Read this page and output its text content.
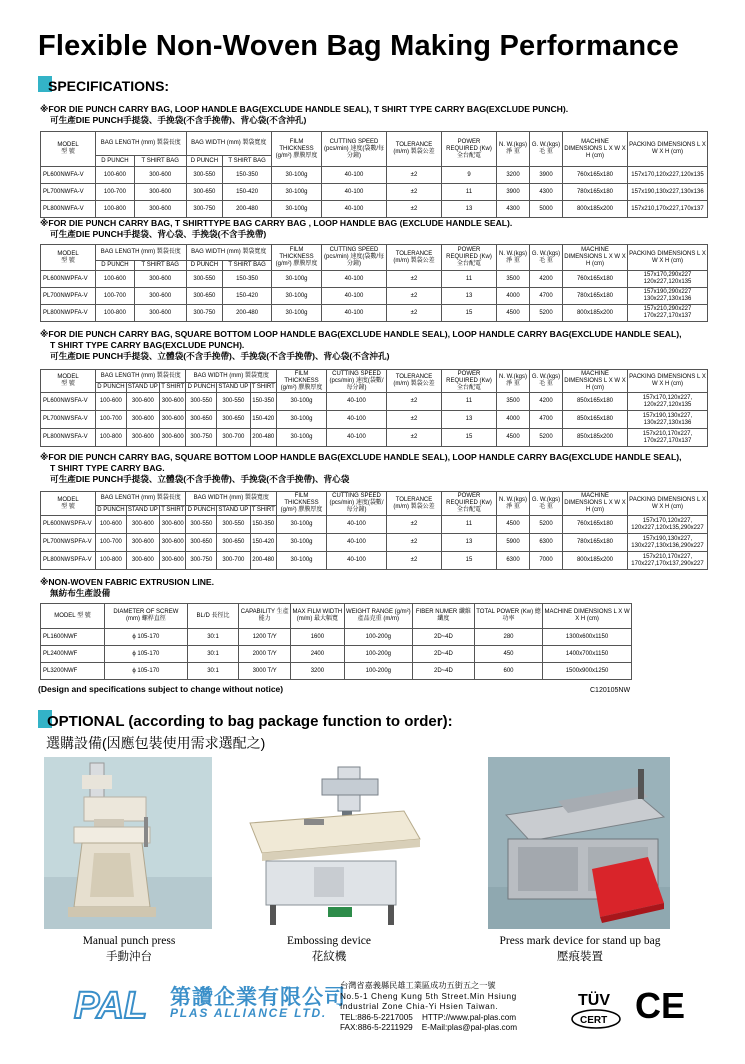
Flexible Non-Woven Bag Making Performance
SPECIFICATIONS:
※FOR DIE PUNCH CARRY BAG, LOOP HANDLE BAG(EXCLUDE HANDLE SEAL), T SHIRT TYPE CARRY BAG(EXCLUDE PUNCH).
可生產DIE PUNCH手提袋、手挽袋(不含手挽帶)、背心袋(不含沖孔)
MODEL
型 號	BAG LENGTH (mm) 製袋長度		BAG WIDTH (mm) 製袋寬度		FILM THICKNESS (g/m²) 膠膜厚度	CUTTING SPEED (pcs/min) 速度(袋數/每分鐘)	TOLERANCE (m/m) 製袋公差	POWER REQUIRED (Kw) 全台配電	N. W.(kgs) 淨 重	G. W.(kgs) 毛 重	MACHINE DIMENSIONS L X W X H (cm)	PACKING DIMENSIONS L X W X H (cm)
	D PUNCH	T SHIRT BAG	D PUNCH	T SHIRT BAG								
PL600NWFA-V	100-600	300-600	300-550	150-350	30-100g	40-100	±2	9	3200	3900	760x165x180	157x170,120x227,120x135
PL700NWFA-V	100-700	300-600	300-650	150-420	30-100g	40-100	±2	11	3900	4300	780x165x180	157x190,130x227,130x136
PL800NWFA-V	100-800	300-600	300-750	200-480	30-100g	40-100	±2	13	4300	5000	800x185x200	157x210,170x227,170x137
※FOR DIE PUNCH CARRY BAG, T SHIRTTYPE BAG CARRY BAG , LOOP HANDLE BAG (EXCLUDE HANDLE SEAL).
可生產DIE PUNCH手提袋、背心袋、手挽袋(不含手挽帶)
MODEL
型 號	BAG LENGTH (mm) 製袋長度		BAG WIDTH (mm) 製袋寬度		FILM THICKNESS (g/m²) 膠膜厚度	CUTTING SPEED (pcs/min) 速度(袋數/每分鐘)	TOLERANCE (m/m) 製袋公差	POWER REQUIRED (Kw) 全台配電	N. W.(kgs) 淨 重	G. W.(kgs) 毛 重	MACHINE DIMENSIONS L X W X H (cm)	PACKING DIMENSIONS L X W X H (cm)
	D PUNCH	T SHIRT BAG	D PUNCH	T SHIRT BAG								
PL600NWPFA-V	100-600	300-600	300-550	150-350	30-100g	40-100	±2	11	3500	4200	760x165x180	157x170,290x227 120x227,120x135
PL700NWPFA-V	100-700	300-600	300-650	150-420	30-100g	40-100	±2	13	4000	4700	780x165x180	157x190,290x227 130x227,130x136
PL800NWPFA-V	100-800	300-600	300-750	200-480	30-100g	40-100	±2	15	4500	5200	800x185x200	157x210,290x227 170x227,170x137
※FOR DIE PUNCH CARRY BAG, SQUARE BOTTOM LOOP HANDLE BAG(EXCLUDE HANDLE SEAL), LOOP HANDLE CARRY BAG(EXCLUDE HANDLE SEAL),
T SHIRT TYPE CARRY BAG(EXCLUDE PUNCH).
可生產DIE PUNCH手提袋、立體袋(不含手挽帶)、手挽袋(不含手挽帶)、背心袋(不含沖孔)
MODEL
型 號	BAG LENGTH (mm) 製袋長度			BAG WIDTH (mm) 製袋寬度			FILM THICKNESS (g/m²) 膠膜厚度	CUTTING SPEED (pcs/min) 速度(袋數/每分鐘)	TOLERANCE (m/m) 製袋公差	POWER REQUIRED (Kw) 全台配電	N. W.(kgs) 淨 重	G. W.(kgs) 毛 重	MACHINE DIMENSIONS L X W X H (cm)	PACKING DIMENSIONS L X W X H (cm)
	D PUNCH	STAND UP	T SHIRT	D PUNCH	STAND UP	T SHIRT								
PL600NWSFA-V	100-600	300-600	300-600	300-550	300-550	150-350	30-100g	40-100	±2	11	3500	4200	850x165x180	157x170,120x227, 120x227,120x135
PL700NWSFA-V	100-700	300-600	300-600	300-650	300-650	150-420	30-100g	40-100	±2	13	4000	4700	850x165x180	157x190,130x227, 130x227,130x136
PL800NWSFA-V	100-800	300-600	300-600	300-750	300-700	200-480	30-100g	40-100	±2	15	4500	5200	850x185x200	157x210,170x227, 170x227,170x137
※FOR DIE PUNCH CARRY BAG, SQUARE BOTTOM LOOP HANDLE BAG(EXCLUDE HANDLE SEAL), LOOP HANDLE CARRY BAG(EXCLUDE HANDLE SEAL),
T SHIRT TYPE CARRY BAG.
可生產DIE PUNCH手提袋、立體袋(不含手挽帶)、手挽袋(不含手挽帶)、背心袋
MODEL
型 號	BAG LENGTH (mm) 製袋長度			BAG WIDTH (mm) 製袋寬度			FILM THICKNESS (g/m²) 膠膜厚度	CUTTING SPEED (pcs/min) 速度(袋數/每分鐘)	TOLERANCE (m/m) 製袋公差	POWER REQUIRED (Kw) 全台配電	N. W.(kgs) 淨 重	G. W.(kgs) 毛 重	MACHINE DIMENSIONS L X W X H (cm)	PACKING DIMENSIONS L X W X H (cm)
	D PUNCH	STAND UP	T SHIRT	D PUNCH	STAND UP	T SHIRT								
PL600NWSPFA-V	100-600	300-600	300-600	300-550	300-550	150-350	30-100g	40-100	±2	11	4500	5200	760x165x180	157x170,120x227, 120x227,120x135,290x227
PL700NWSPFA-V	100-700	300-600	300-600	300-650	300-650	150-420	30-100g	40-100	±2	13	5900	6300	780x165x180	157x190,130x227, 130x227,130x136,290x227
PL800NWSPFA-V	100-800	300-600	300-600	300-750	300-700	200-480	30-100g	40-100	±2	15	6300	7000	800x185x200	157x210,170x227, 170x227,170x137,290x227
※NON-WOVEN FABRIC EXTRUSION LINE.
無紡布生產設備
MODEL 型 號	DIAMETER OF SCREW (mm) 螺桿直徑	BL/D 長徑比	CAPABILITY 生產能力	MAX FILM WIDTH (m/m) 最大幅寬	WEIGHT RANGE (g/m²) 產品克重 (m/m)	FIBER NUMER 纖維纖度	TOTAL POWER (Kw) 總功率	MACHINE DIMENSIONS L X W X H (cm)
PL1600NWF	ϕ 105-170	30:1	1200 T/Y	1600	100-200g	2D~4D	280	1300x600x1150
PL2400NWF	ϕ 105-170	30:1	2000 T/Y	2400	100-200g	2D~4D	450	1400x700x1150
PL3200NWF	ϕ 105-170	30:1	3000 T/Y	3200	100-200g	2D~4D	600	1500x900x1250
(Design and specifications subject to change without notice)	C120105NW
OPTIONAL (according to bag package function to order):
選購設備(因應包裝使用需求選配之)
Manual punch press
手動沖台
Embossing device
花紋機
Press mark device for stand up bag
壓痕裝置
PAL 第讚企業有限公司
PLAS ALLIANCE LTD.
台灣省嘉義縣民雄工業區成功五街五之一號
No.5-1 Cheng Kung 5th Street.Min Hsiung
Industrial Zone Chia-Yi Hsien Taiwan.
TEL:886-5-2217005 HTTP://www.pal-plas.com
FAX:886-5-2211929 E-Mail:plas@pal-plas.com
TÜV
CERT CE
